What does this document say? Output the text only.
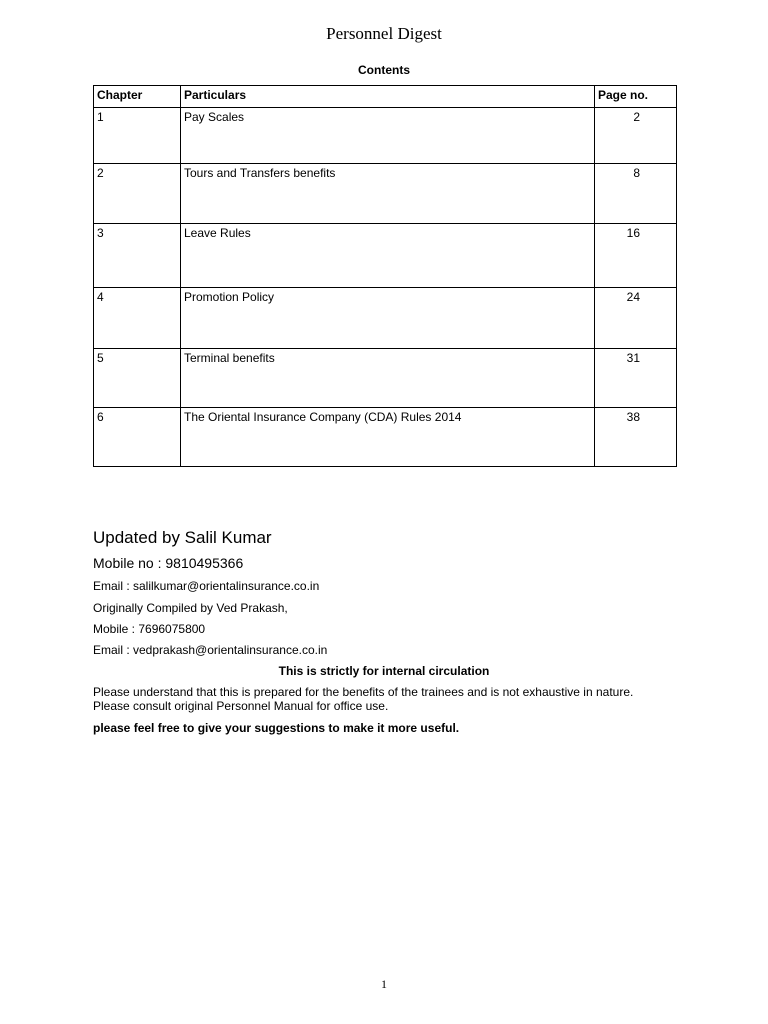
Personnel Digest
Contents
Chapter	Particulars	Page no.
1	Pay Scales	2
2	Tours and Transfers benefits	8
3	Leave Rules	16
4	Promotion Policy	24
5	Terminal benefits	31
6	The Oriental Insurance Company (CDA) Rules 2014	38
Updated by Salil Kumar
Mobile no : 9810495366
Email : salilkumar@orientalinsurance.co.in
Originally Compiled by Ved Prakash,
Mobile : 7696075800
Email : vedprakash@orientalinsurance.co.in
This is strictly for internal circulation
Please understand that this is prepared for the benefits of the trainees and is not exhaustive in nature.
Please consult original Personnel Manual for office use.
please feel free to give your suggestions to make it more useful.
1
